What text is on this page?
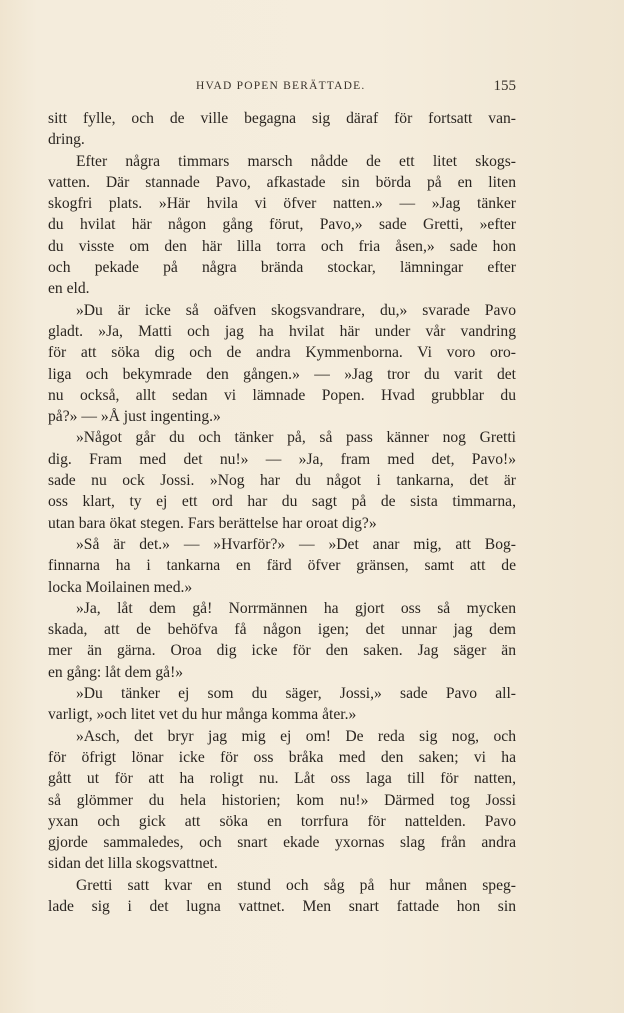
HVAD POPEN BERÄTTADE.	155
sitt fylle, och de ville begagna sig däraf för fortsatt van-
dring.
Efter några timmars marsch nådde de ett litet skogs-
vatten. Där stannade Pavo, afkastade sin börda på en liten
skogfri plats. »Här hvila vi öfver natten.» — »Jag tänker
du hvilat här någon gång förut, Pavo,» sade Gretti, »efter
du visste om den här lilla torra och fria åsen,» sade hon
och pekade på några brända stockar, lämningar efter
en eld.
»Du är icke så oäfven skogsvandrare, du,» svarade Pavo
gladt. »Ja, Matti och jag ha hvilat här under vår vandring
för att söka dig och de andra Kymmenborna. Vi voro oro-
liga och bekymrade den gången.» — »Jag tror du varit det
nu också, allt sedan vi lämnade Popen. Hvad grubblar du
på?» — »Å just ingenting.»
»Något går du och tänker på, så pass känner nog Gretti
dig. Fram med det nu!» — »Ja, fram med det, Pavo!»
sade nu ock Jossi. »Nog har du något i tankarna, det är
oss klart, ty ej ett ord har du sagt på de sista timmarna,
utan bara ökat stegen. Fars berättelse har oroat dig?»
»Så är det.» — »Hvarför?» — »Det anar mig, att Bog-
finnarna ha i tankarna en färd öfver gränsen, samt att de
locka Moilainen med.»
»Ja, låt dem gå! Norrmännen ha gjort oss så mycken
skada, att de behöfva få någon igen; det unnar jag dem
mer än gärna. Oroa dig icke för den saken. Jag säger än
en gång: låt dem gå!»
»Du tänker ej som du säger, Jossi,» sade Pavo all-
varligt, »och litet vet du hur många komma åter.»
»Asch, det bryr jag mig ej om! De reda sig nog, och
för öfrigt lönar icke för oss bråka med den saken; vi ha
gått ut för att ha roligt nu. Låt oss laga till för natten,
så glömmer du hela historien; kom nu!» Därmed tog Jossi
yxan och gick att söka en torrfura för nattelden. Pavo
gjorde sammaledes, och snart ekade yxornas slag från andra
sidan det lilla skogsvattnet.
Gretti satt kvar en stund och såg på hur månen speg-
lade sig i det lugna vattnet. Men snart fattade hon sin
